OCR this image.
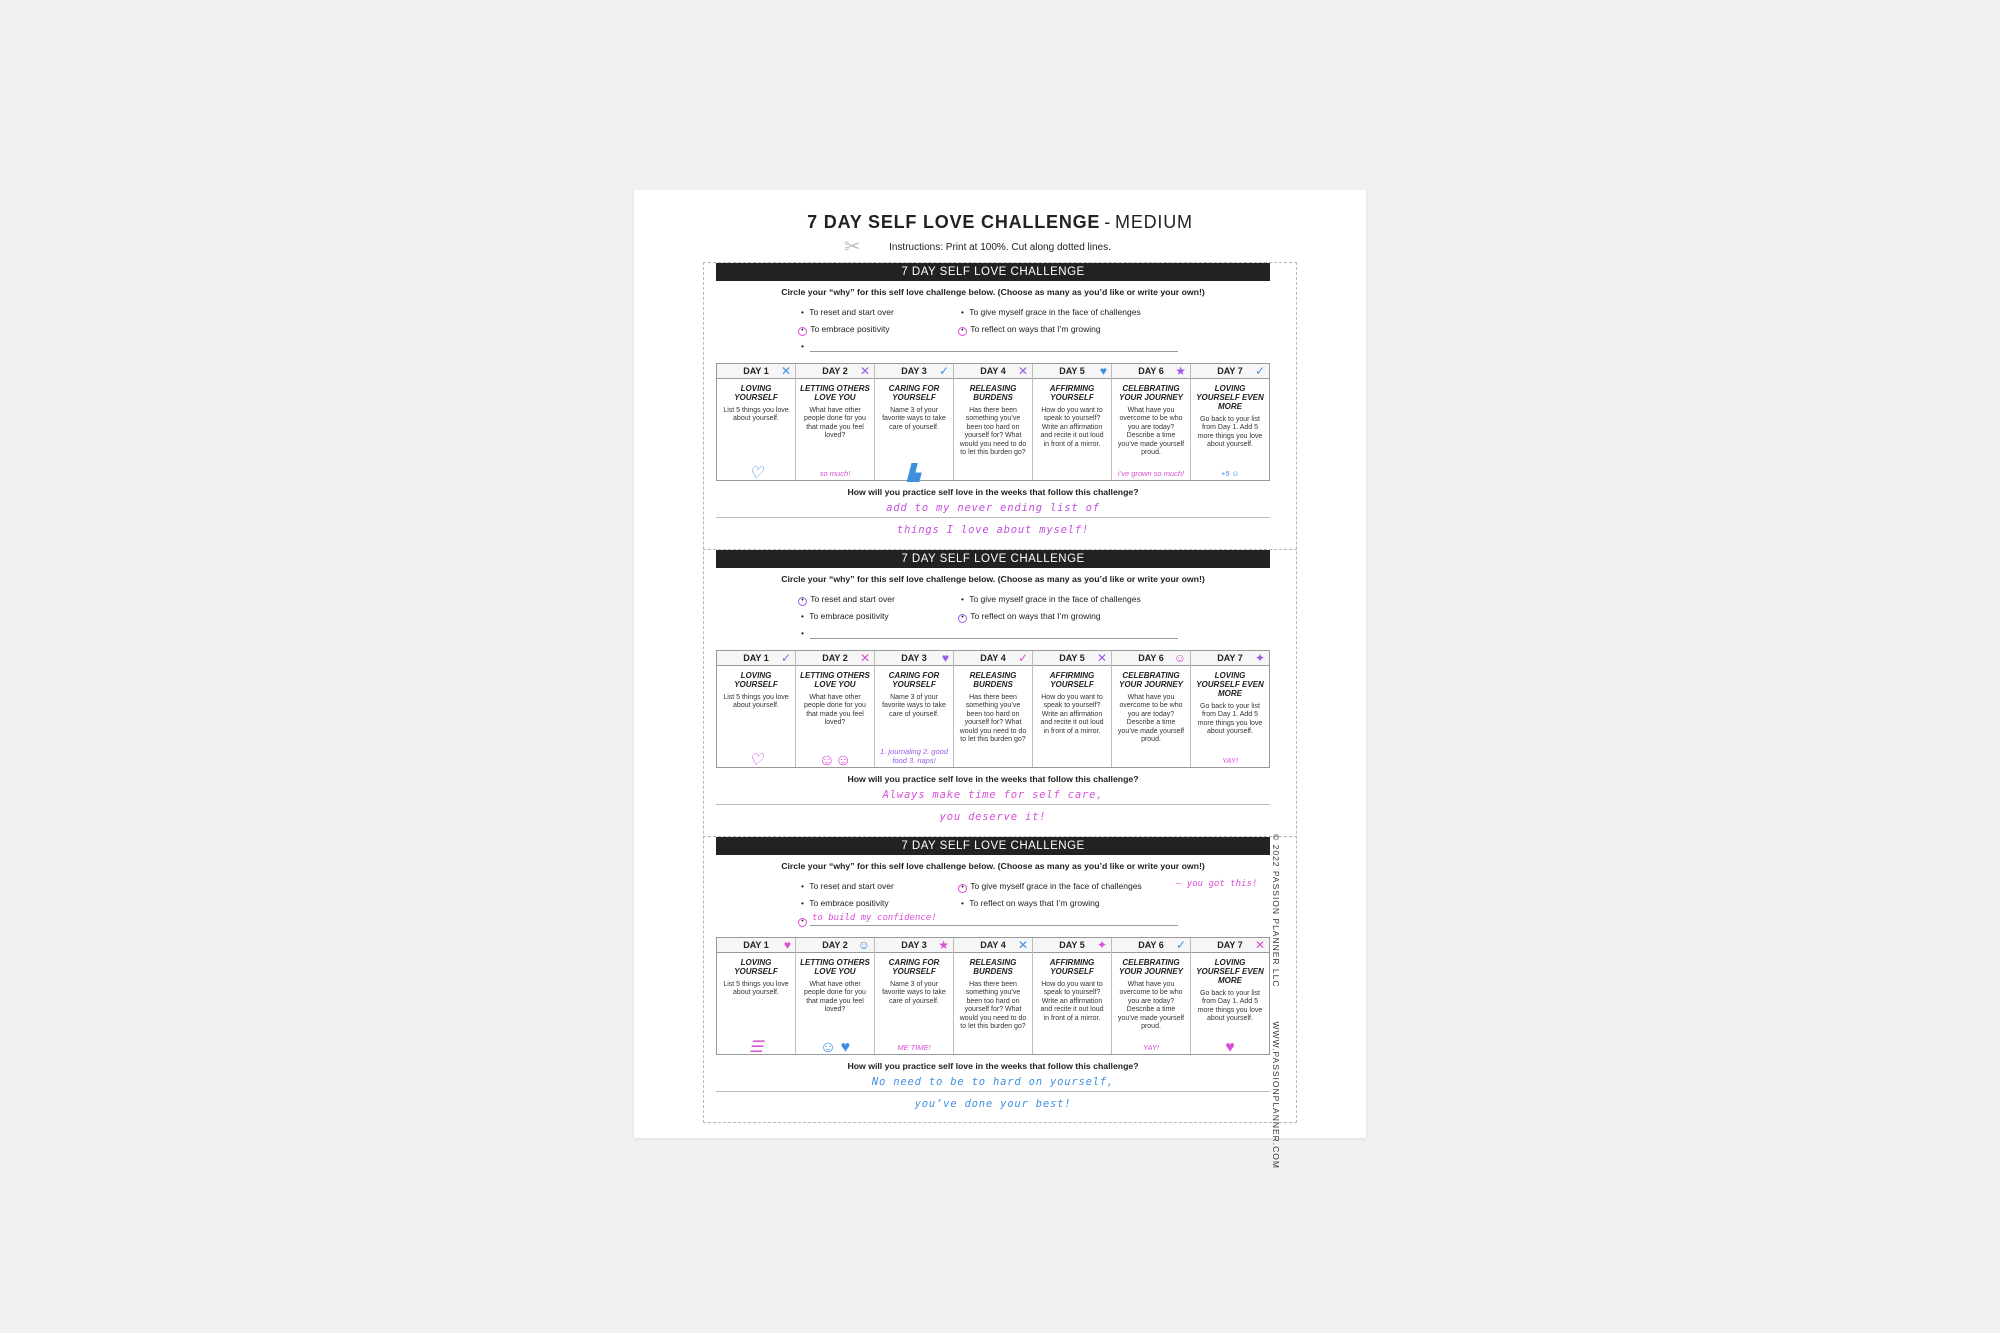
7 DAY SELF LOVE CHALLENGE - MEDIUM
✂	Instructions: Print at 100%. Cut along dotted lines.
© 2022 PASSION PLANNER LLCWWW.PASSIONPLANNER.COM
7 DAY SELF LOVE CHALLENGE
Circle your “why” for this self love challenge below. (Choose as many as you’d like or write your own!)
• To reset and start over
• To embrace positivity
•
• To give myself grace in the face of challenges
• To reflect on ways that I’m growing
DAY 1 ✕
LOVING YOURSELF
List 5 things you love about yourself.
♡
DAY 2 ✕
LETTING OTHERS LOVE YOU
What have other people done for you that made you feel loved?
so much!
DAY 3 ✓
CARING FOR YOURSELF
Name 3 of your favorite ways to take care of yourself.
▙
DAY 4 ✕
RELEASING BURDENS
Has there been something you’ve been too hard on yourself for? What would you need to do to let this burden go?
DAY 5 ♥
AFFIRMING YOURSELF
How do you want to speak to yourself? Write an affirmation and recite it out loud in front of a mirror.
DAY 6 ★
CELEBRATING YOUR JOURNEY
What have you overcome to be who you are today? Describe a time you’ve made yourself proud.
i’ve grown so much!
DAY 7 ✓
LOVING YOURSELF EVEN MORE
Go back to your list from Day 1. Add 5 more things you love about yourself.
+5 ☺
How will you practice self love in the weeks that follow this challenge?
add to my never ending list of
things I love about myself!
7 DAY SELF LOVE CHALLENGE
Circle your “why” for this self love challenge below. (Choose as many as you’d like or write your own!)
• To reset and start over
• To embrace positivity
•
• To give myself grace in the face of challenges
• To reflect on ways that I’m growing
DAY 1 ✓
LOVING YOURSELF
List 5 things you love about yourself.
♡
DAY 2 ✕
LETTING OTHERS LOVE YOU
What have other people done for you that made you feel loved?
☺☺
DAY 3 ♥
CARING FOR YOURSELF
Name 3 of your favorite ways to take care of yourself.
1. journaling 2. good food 3. naps!
DAY 4 ✓
RELEASING BURDENS
Has there been something you’ve been too hard on yourself for? What would you need to do to let this burden go?
DAY 5 ✕
AFFIRMING YOURSELF
How do you want to speak to yourself? Write an affirmation and recite it out loud in front of a mirror.
DAY 6 ☺
CELEBRATING YOUR JOURNEY
What have you overcome to be who you are today? Describe a time you’ve made yourself proud.
DAY 7 ✦
LOVING YOURSELF EVEN MORE
Go back to your list from Day 1. Add 5 more things you love about yourself.
YAY!
How will you practice self love in the weeks that follow this challenge?
Always make time for self care,
you deserve it!
7 DAY SELF LOVE CHALLENGE
Circle your “why” for this self love challenge below. (Choose as many as you’d like or write your own!)
• To reset and start over
• To embrace positivity
• to build my confidence!
• To give myself grace in the face of challenges
• To reflect on ways that I’m growing
— you got this!
DAY 1 ♥
LOVING YOURSELF
List 5 things you love about yourself.
☰
DAY 2 ☺
LETTING OTHERS LOVE YOU
What have other people done for you that made you feel loved?
☺ ♥
DAY 3 ★
CARING FOR YOURSELF
Name 3 of your favorite ways to take care of yourself.
ME TIME!
DAY 4 ✕
RELEASING BURDENS
Has there been something you’ve been too hard on yourself for? What would you need to do to let this burden go?
DAY 5 ✦
AFFIRMING YOURSELF
How do you want to speak to yourself? Write an affirmation and recite it out loud in front of a mirror.
DAY 6 ✓
CELEBRATING YOUR JOURNEY
What have you overcome to be who you are today? Describe a time you’ve made yourself proud.
YAY!
DAY 7 ✕
LOVING YOURSELF EVEN MORE
Go back to your list from Day 1. Add 5 more things you love about yourself.
♥
How will you practice self love in the weeks that follow this challenge?
No need to be to hard on yourself,
you’ve done your best!
